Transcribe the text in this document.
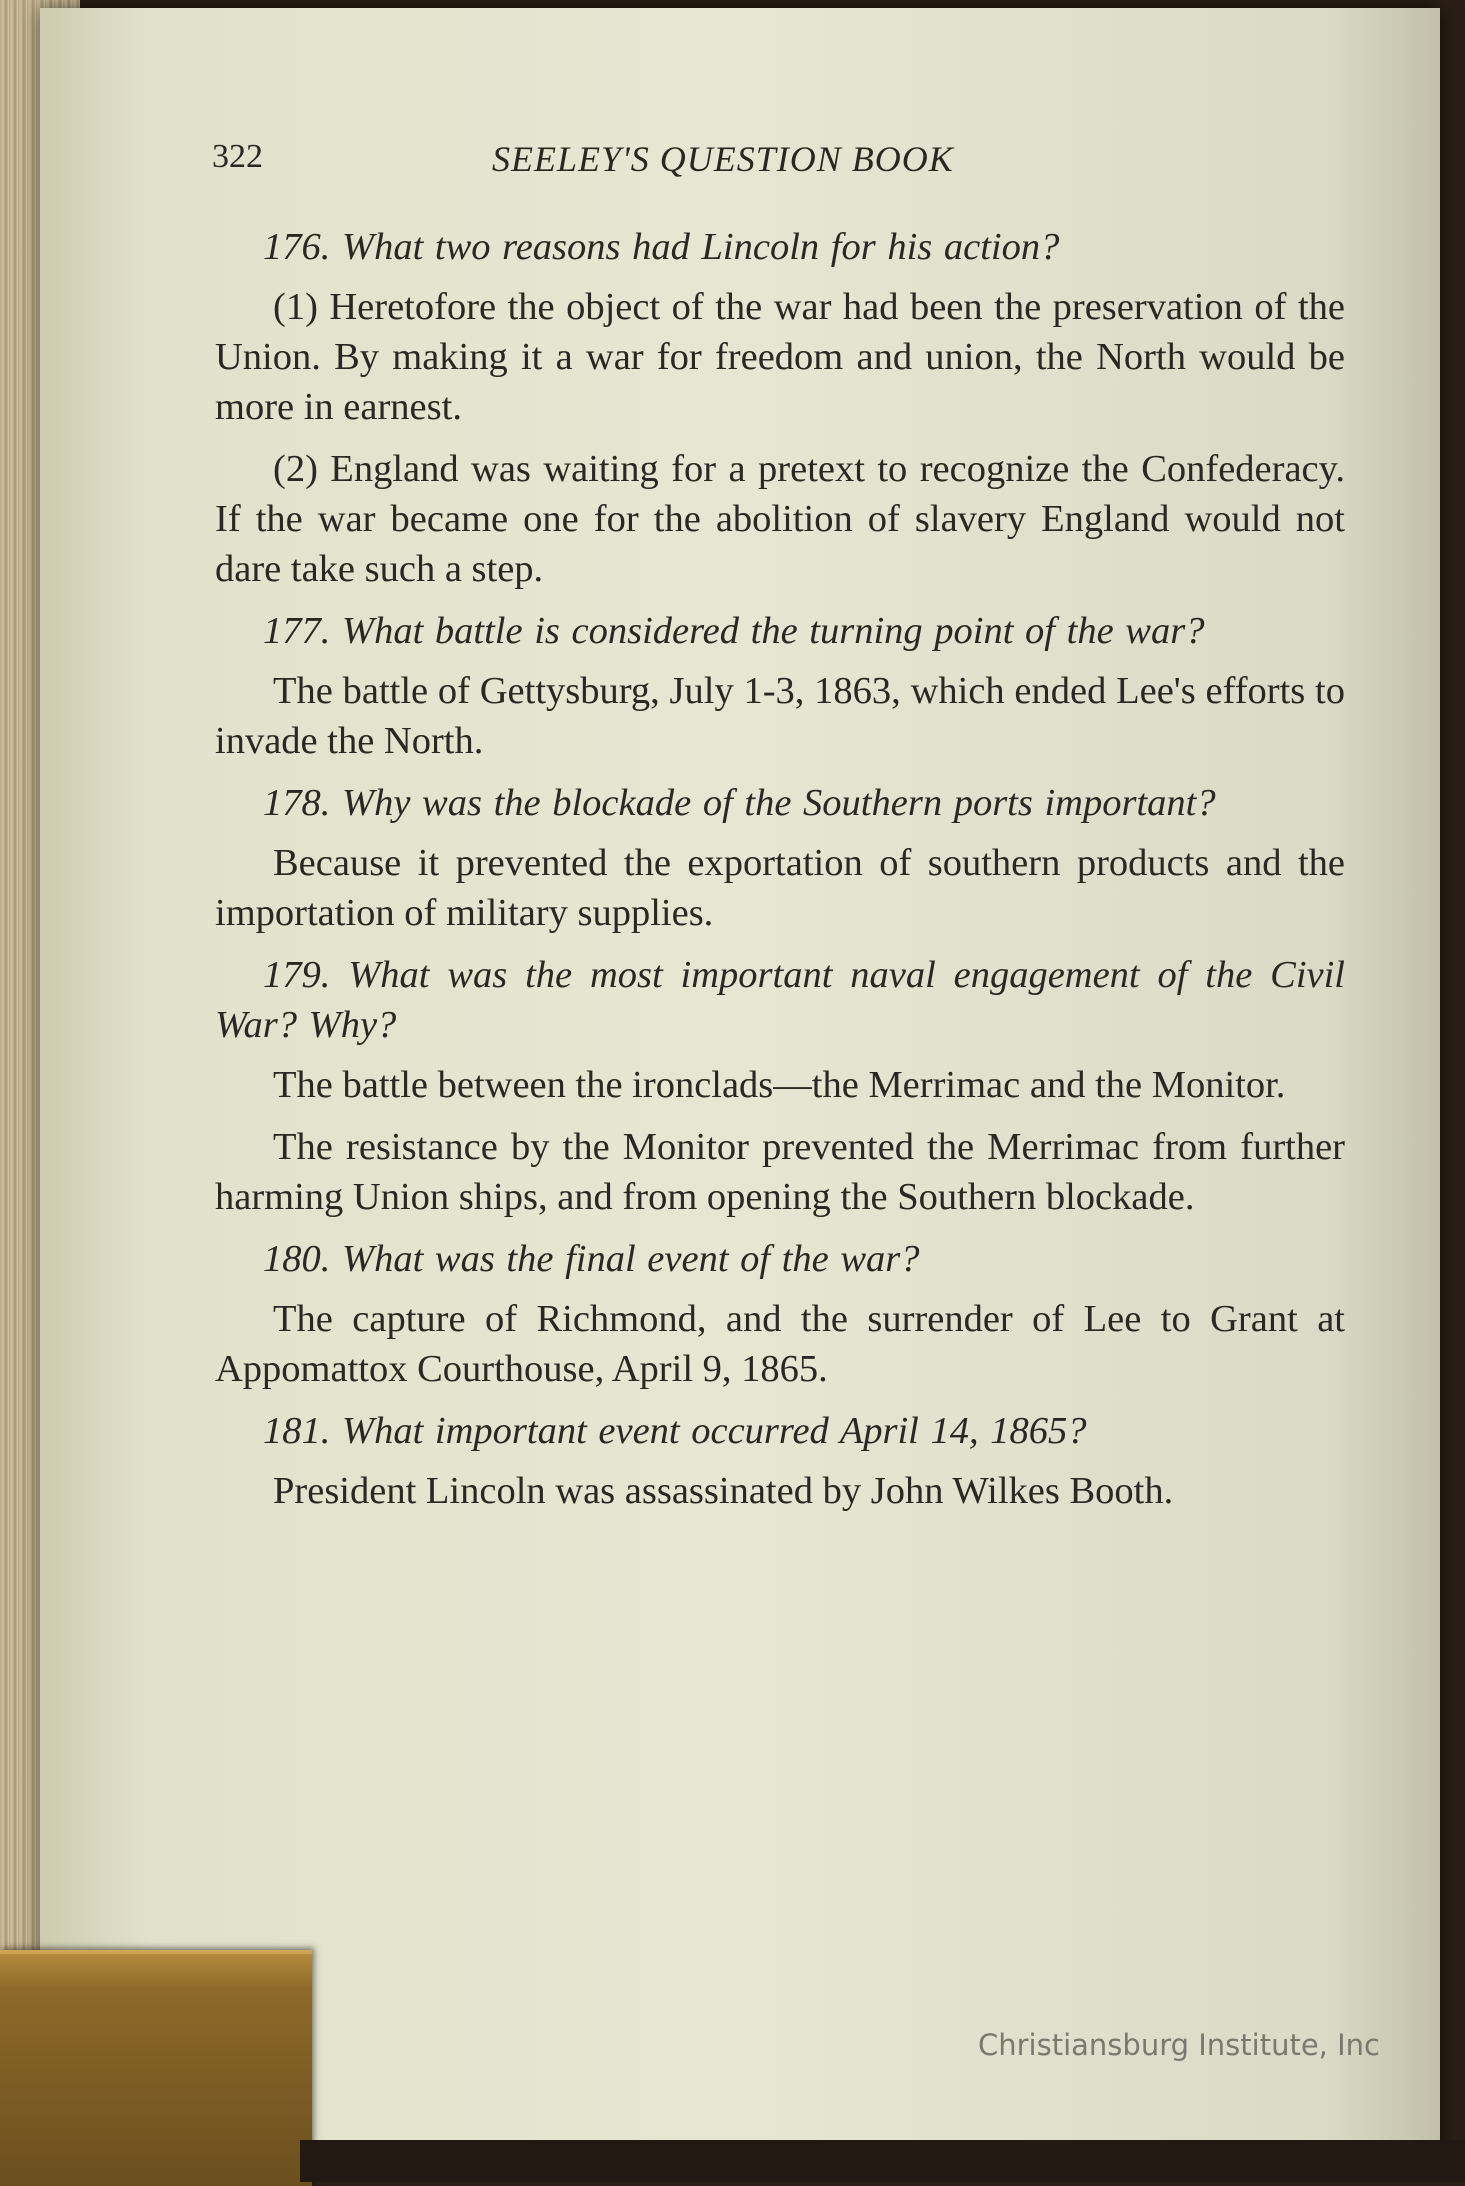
322	SEELEY'S QUESTION BOOK

176. What two reasons had Lincoln for his action?

(1) Heretofore the object of the war had been the preservation of the Union. By making it a war for freedom and union, the North would be more in earnest.

(2) England was waiting for a pretext to recognize the Confederacy. If the war became one for the abolition of slavery England would not dare take such a step.

177. What battle is considered the turning point of the war?

The battle of Gettysburg, July 1-3, 1863, which ended Lee's efforts to invade the North.

178. Why was the blockade of the Southern ports important?

Because it prevented the exportation of southern products and the importation of military supplies.

179. What was the most important naval engagement of the Civil War? Why?

The battle between the ironclads—the Merrimac and the Monitor.

The resistance by the Monitor prevented the Merrimac from further harming Union ships, and from opening the Southern blockade.

180. What was the final event of the war?

The capture of Richmond, and the surrender of Lee to Grant at Appomattox Courthouse, April 9, 1865.

181. What important event occurred April 14, 1865?

President Lincoln was assassinated by John Wilkes Booth.

Christiansburg Institute, Inc
